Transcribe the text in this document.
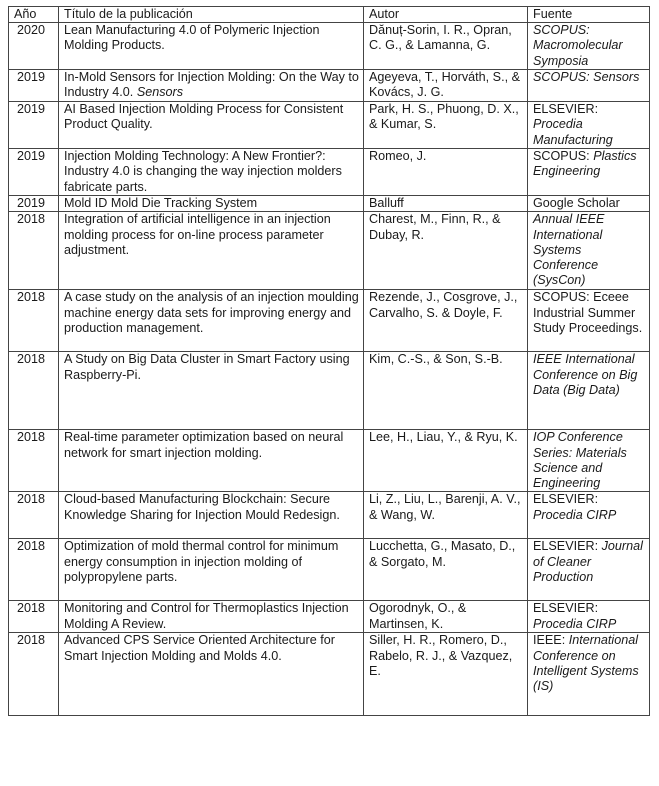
Año	Título de la publicación	Autor	Fuente
2020	Lean Manufacturing 4.0 of Polymeric Injection Molding Products.	Dănuț-Sorin, I. R., Opran, C. G., & Lamanna, G.	SCOPUS: Macromolecular Symposia
2019	In-Mold Sensors for Injection Molding: On the Way to Industry 4.0. Sensors	Ageyeva, T., Horváth, S., & Kovács, J. G.	SCOPUS: Sensors
2019	AI Based Injection Molding Process for Consistent Product Quality.	Park, H. S., Phuong, D. X., & Kumar, S.	ELSEVIER: Procedia Manufacturing
2019	Injection Molding Technology: A New Frontier?: Industry 4.0 is changing the way injection molders fabricate parts.	Romeo, J.	SCOPUS: Plastics Engineering
2019	Mold ID Mold Die Tracking System	Balluff	Google Scholar
2018	Integration of artificial intelligence in an injection molding process for on-line process parameter adjustment.	Charest, M., Finn, R., & Dubay, R.	Annual IEEE International Systems Conference (SysCon)
2018	A case study on the analysis of an injection moulding machine energy data sets for improving energy and production management.	Rezende, J., Cosgrove, J., Carvalho, S. & Doyle, F.	SCOPUS: Eceee Industrial Summer Study Proceedings.
2018	A Study on Big Data Cluster in Smart Factory using Raspberry-Pi.	Kim, C.-S., & Son, S.-B.	IEEE International Conference on Big Data (Big Data)
2018	Real-time parameter optimization based on neural network for smart injection molding.	Lee, H., Liau, Y., & Ryu, K.	IOP Conference Series: Materials Science and Engineering
2018	Cloud-based Manufacturing Blockchain: Secure Knowledge Sharing for Injection Mould Redesign.	Li, Z., Liu, L., Barenji, A. V., & Wang, W.	ELSEVIER: Procedia CIRP
2018	Optimization of mold thermal control for minimum energy consumption in injection molding of polypropylene parts.	Lucchetta, G., Masato, D., & Sorgato, M.	ELSEVIER: Journal of Cleaner Production
2018	Monitoring and Control for Thermoplastics Injection Molding A Review.	Ogorodnyk, O., & Martinsen, K.	ELSEVIER: Procedia CIRP
2018	Advanced CPS Service Oriented Architecture for Smart Injection Molding and Molds 4.0.	Siller, H. R., Romero, D., Rabelo, R. J., & Vazquez, E.	IEEE: International Conference on Intelligent Systems (IS)
